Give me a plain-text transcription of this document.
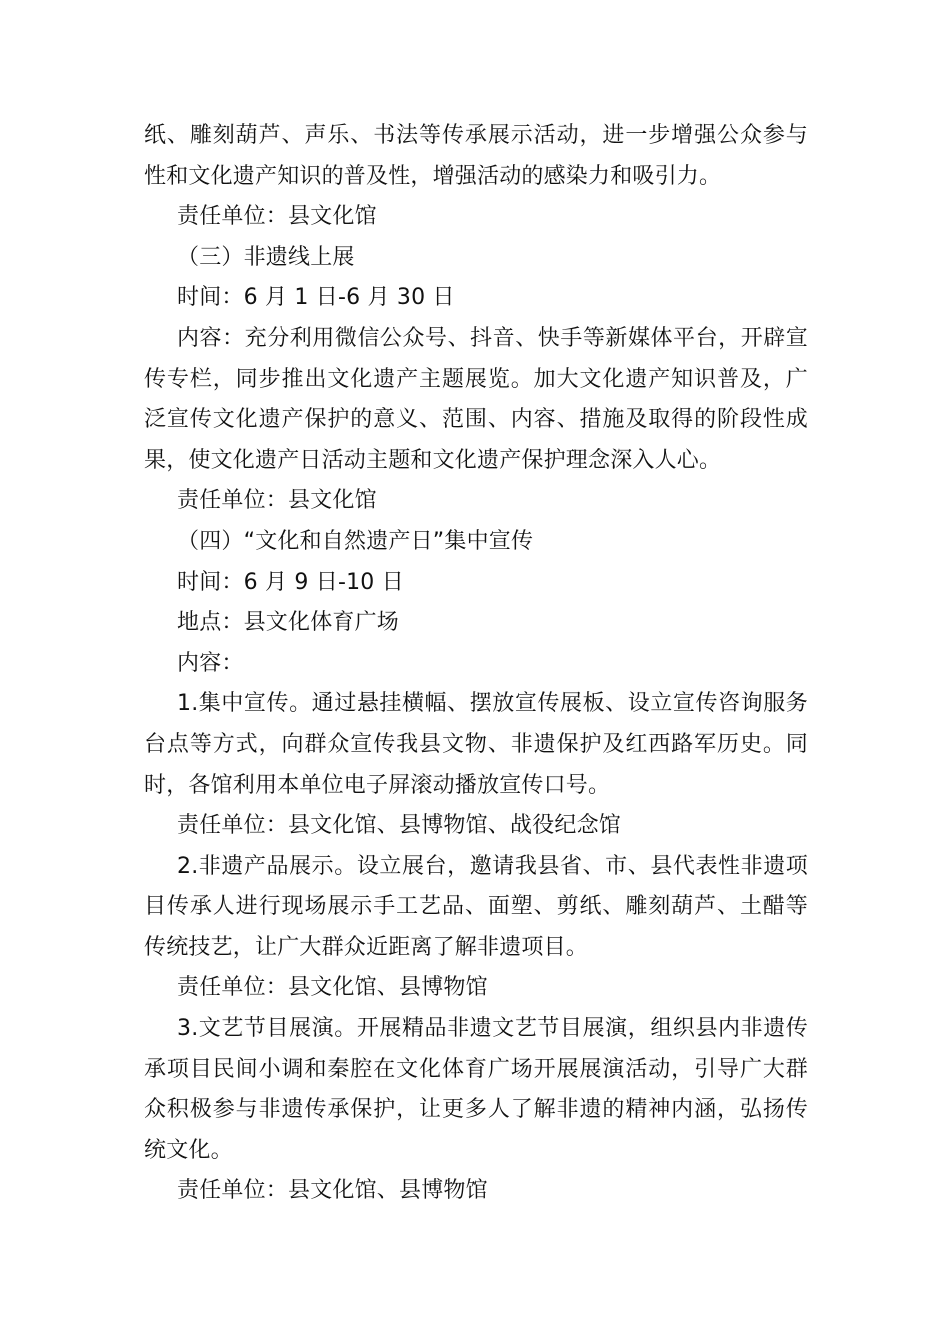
纸、雕刻葫芦、声乐、书法等传承展示活动，进一步增强公众参与性和文化遗产知识的普及性，增强活动的感染力和吸引力。

责任单位：县文化馆

（三）非遗线上展

时间：6 月 1 日-6 月 30 日

内容：充分利用微信公众号、抖音、快手等新媒体平台，开辟宣传专栏，同步推出文化遗产主题展览。加大文化遗产知识普及，广泛宣传文化遗产保护的意义、范围、内容、措施及取得的阶段性成果，使文化遗产日活动主题和文化遗产保护理念深入人心。

责任单位：县文化馆

（四）“文化和自然遗产日”集中宣传

时间：6 月 9 日-10 日

地点：县文化体育广场

内容：

1.集中宣传。通过悬挂横幅、摆放宣传展板、设立宣传咨询服务台点等方式，向群众宣传我县文物、非遗保护及红西路军历史。同时，各馆利用本单位电子屏滚动播放宣传口号。

责任单位：县文化馆、县博物馆、战役纪念馆

2.非遗产品展示。设立展台，邀请我县省、市、县代表性非遗项目传承人进行现场展示手工艺品、面塑、剪纸、雕刻葫芦、土醋等传统技艺，让广大群众近距离了解非遗项目。

责任单位：县文化馆、县博物馆

3.文艺节目展演。开展精品非遗文艺节目展演，组织县内非遗传承项目民间小调和秦腔在文化体育广场开展展演活动，引导广大群众积极参与非遗传承保护，让更多人了解非遗的精神内涵，弘扬传统文化。

责任单位：县文化馆、县博物馆
